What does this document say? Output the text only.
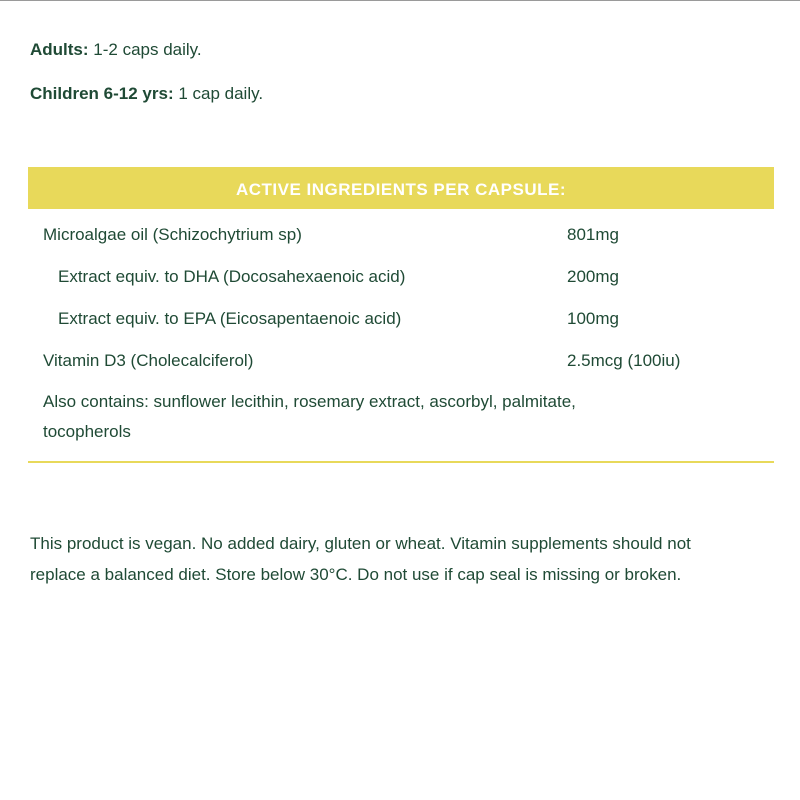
Adults: 1-2 caps daily.

Children 6-12 yrs: 1 cap daily.

ACTIVE INGREDIENTS PER CAPSULE:
Microalgae oil (Schizochytrium sp)	801mg
Extract equiv. to DHA (Docosahexaenoic acid)	200mg
Extract equiv. to EPA (Eicosapentaenoic acid)	100mg
Vitamin D3 (Cholecalciferol)	2.5mcg (100iu)
Also contains: sunflower lecithin, rosemary extract, ascorbyl, palmitate, tocopherols
This product is vegan. No added dairy, gluten or wheat. Vitamin supplements should not replace a balanced diet. Store below 30°C. Do not use if cap seal is missing or broken.
